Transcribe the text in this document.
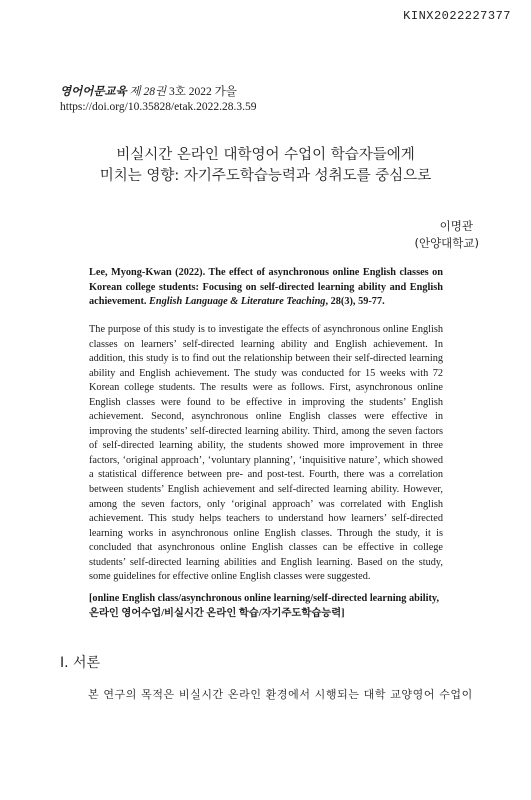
KINX2022227377
영어어문교육 제 28권 3호 2022 가을
https://doi.org/10.35828/etak.2022.28.3.59
비실시간 온라인 대학영어 수업이 학습자들에게
미치는 영향: 자기주도학습능력과 성취도를 중심으로
이명관
(안양대학교)
Lee, Myong-Kwan (2022). The effect of asynchronous online English classes on Korean college students: Focusing on self-directed learning ability and English achievement. English Language & Literature Teaching, 28(3), 59-77.
The purpose of this study is to investigate the effects of asynchronous online English classes on learners’ self-directed learning ability and English achievement. In addition, this study is to find out the relationship between their self-directed learning ability and English achievement. The study was conducted for 15 weeks with 72 Korean college students. The results were as follows. First, asynchronous online English classes were found to be effective in improving the students’ English achievement. Second, asynchronous online English classes were effective in improving the students’ self-directed learning ability. Third, among the seven factors of self-directed learning ability, the students showed more improvement in three factors, ‘original approach’, ‘voluntary planning’, ‘inquisitive nature’, which showed a statistical difference between pre- and post-test. Fourth, there was a correlation between students’ English achievement and self-directed learning ability. However, among the seven factors, only ‘original approach’ was correlated with English achievement. This study helps teachers to understand how learners’ self-directed learning works in asynchronous online English classes. Through the study, it is concluded that asynchronous online English classes can be effective in college students’ self-directed learning abilities and English learning. Based on the study, some guidelines for effective online English classes were suggested.
[online English class/asynchronous online learning/self-directed learning ability,
온라인 영어수업/비실시간 온라인 학습/자기주도학습능력]
I. 서론
본 연구의 목적은 비실시간 온라인 환경에서 시행되는 대학 교양영어 수업이
